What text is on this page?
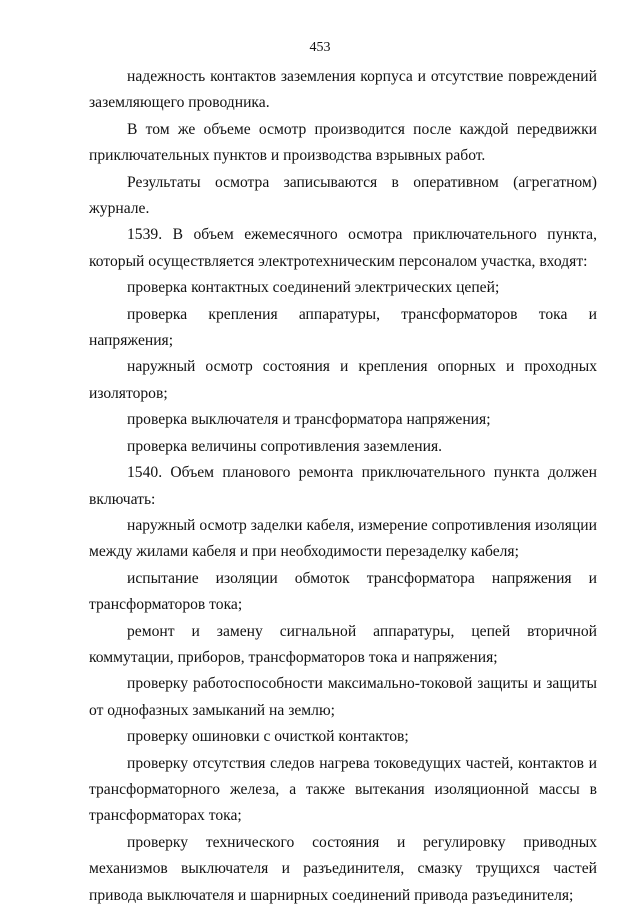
453

надежность контактов заземления корпуса и отсутствие повреждений заземляющего проводника.

В том же объеме осмотр производится после каждой передвижки приключательных пунктов и производства взрывных работ.

Результаты осмотра записываются в оперативном (агрегатном) журнале.

1539. В объем ежемесячного осмотра приключательного пункта, который осуществляется электротехническим персоналом участка, входят:

проверка контактных соединений электрических цепей;

проверка крепления аппаратуры, трансформаторов тока и напряжения;

наружный осмотр состояния и крепления опорных и проходных изоляторов;

проверка выключателя и трансформатора напряжения;

проверка величины сопротивления заземления.

1540. Объем планового ремонта приключательного пункта должен включать:

наружный осмотр заделки кабеля, измерение сопротивления изоляции между жилами кабеля и при необходимости перезаделку кабеля;

испытание изоляции обмоток трансформатора напряжения и трансформаторов тока;

ремонт и замену сигнальной аппаратуры, цепей вторичной коммутации, приборов, трансформаторов тока и напряжения;

проверку работоспособности максимально-токовой защиты и защиты от однофазных замыканий на землю;

проверку ошиновки с очисткой контактов;

проверку отсутствия следов нагрева токоведущих частей, контактов и трансформаторного железа, а также вытекания изоляционной массы в трансформаторах тока;

проверку технического состояния и регулировку приводных механизмов выключателя и разъединителя, смазку трущихся частей привода выключателя и шарнирных соединений привода разъединителя;
